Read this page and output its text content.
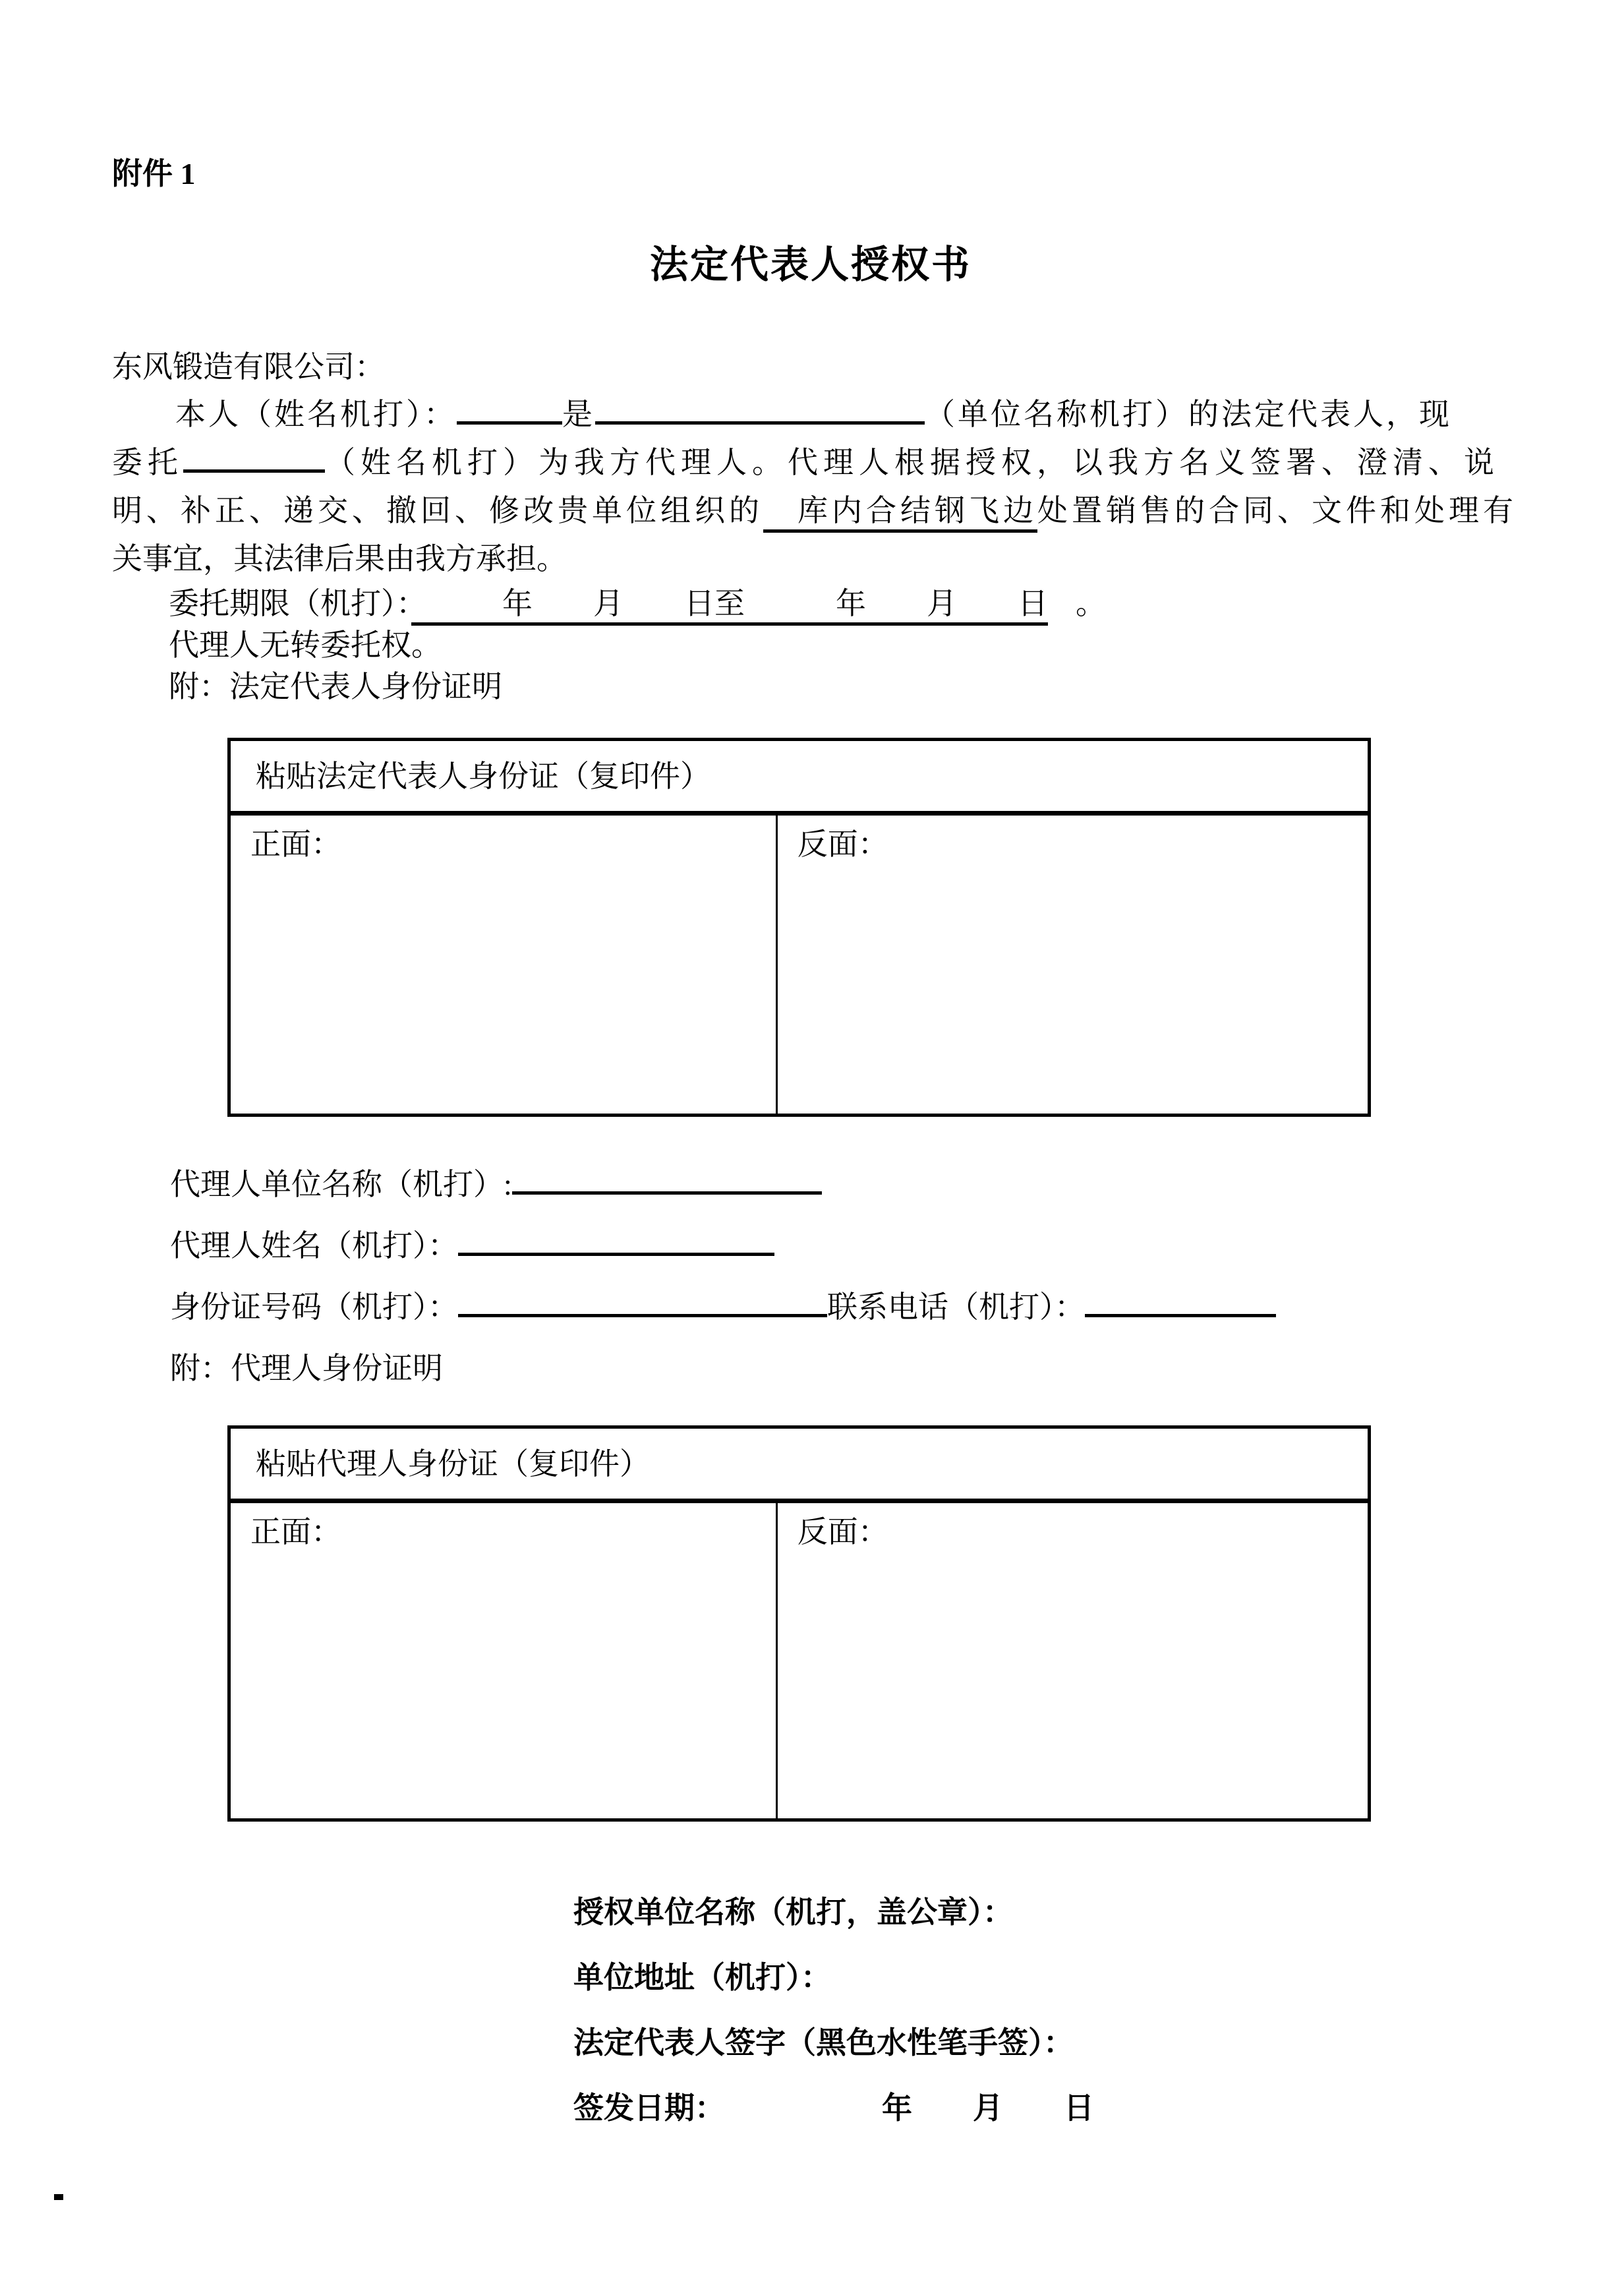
附件 1
法定代表人授权书
东风锻造有限公司：
本人（姓名机打）：	是	（单位名称机打）的法定代表人，现
委托	（姓名机打）为我方代理人。代理人根据授权，以我方名义签署、澄清、说
明、补正、递交、撤回、修改贵单位组织的　库内合结钢飞边处置销售的合同、文件和处理有
关事宜，其法律后果由我方承担。
委托期限（机打）：　　　年　　月　　日至　　　年　　月　　日 。
代理人无转委托权。
附：法定代表人身份证明
粘贴法定代表人身份证（复印件）
正面：	反面：
代理人单位名称（机打）:
代理人姓名（机打）：
身份证号码（机打）：	联系电话（机打）：
附：代理人身份证明
粘贴代理人身份证（复印件）
正面：	反面：
授权单位名称（机打，盖公章）：
单位地址（机打）：
法定代表人签字（黑色水性笔手签）：
签发日期：	年　　月　　日
